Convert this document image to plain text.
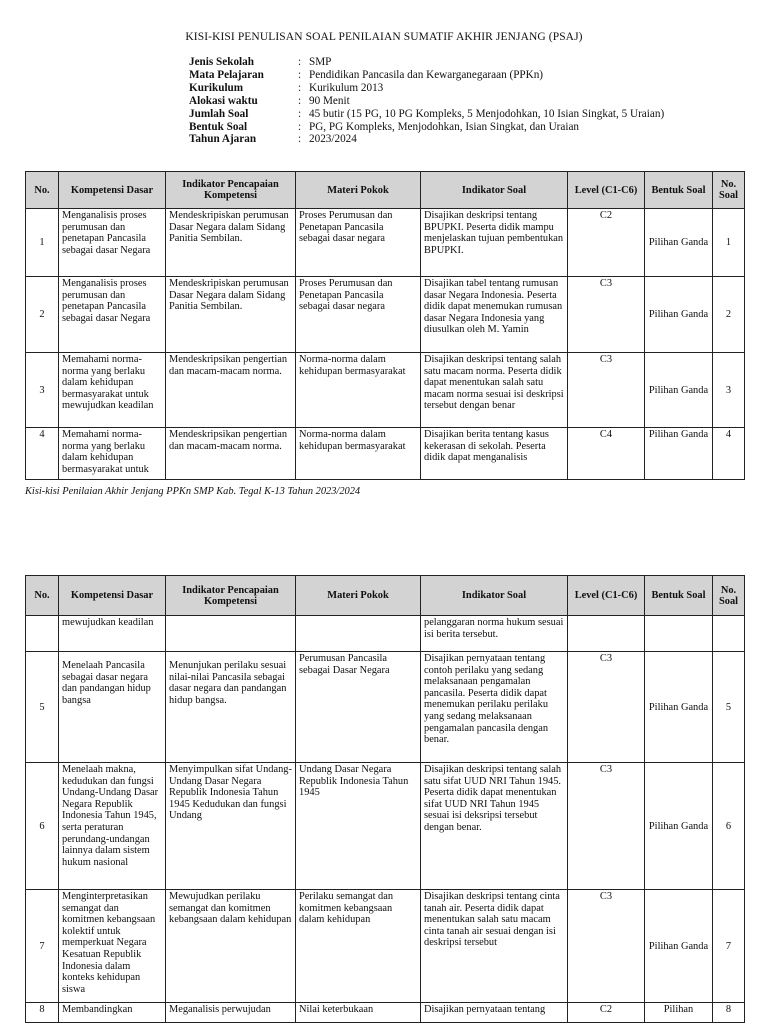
KISI-KISI PENULISAN SOAL PENILAIAN SUMATIF AKHIR JENJANG (PSAJ)
Jenis Sekolah	: SMP
Mata Pelajaran	: Pendidikan Pancasila dan Kewarganegaraan (PPKn)
Kurikulum	: Kurikulum 2013
Alokasi waktu	: 90 Menit
Jumlah Soal	: 45 butir (15 PG, 10 PG Kompleks, 5 Menjodohkan, 10 Isian Singkat, 5 Uraian)
Bentuk Soal	: PG, PG Kompleks, Menjodohkan, Isian Singkat, dan Uraian
Tahun Ajaran	: 2023/2024
No.	Kompetensi Dasar	Indikator Pencapaian Kompetensi	Materi Pokok	Indikator Soal	Level (C1-C6)	Bentuk Soal	No. Soal
1	Menganalisis proses perumusan dan penetapan Pancasila sebagai dasar Negara	Mendeskripiskan perumusan Dasar Negara dalam Sidang Panitia Sembilan.	Proses Perumusan dan Penetapan Pancasila sebagai dasar negara	Disajikan deskripsi tentang BPUPKI. Peserta didik mampu menjelaskan tujuan pembentukan BPUPKI.	C2	Pilihan Ganda	1
2	Menganalisis proses perumusan dan penetapan Pancasila sebagai dasar Negara	Mendeskripiskan perumusan Dasar Negara dalam Sidang Panitia Sembilan.	Proses Perumusan dan Penetapan Pancasila sebagai dasar negara	Disajikan tabel tentang rumusan dasar Negara Indonesia. Peserta didik dapat menemukan rumusan dasar Negara Indonesia yang diusulkan oleh M. Yamin	C3	Pilihan Ganda	2
3	Memahami norma-norma yang berlaku dalam kehidupan bermasyarakat untuk mewujudkan keadilan	Mendeskripsikan pengertian dan macam-macam norma.	Norma-norma dalam kehidupan bermasyarakat	Disajikan deskripsi tentang salah satu macam norma. Peserta didik dapat menentukan salah satu macam norma sesuai isi deskripsi tersebut dengan benar	C3	Pilihan Ganda	3
4	Memahami norma-norma yang berlaku dalam kehidupan bermasyarakat untuk	Mendeskripsikan pengertian dan macam-macam norma.	Norma-norma dalam kehidupan bermasyarakat	Disajikan berita tentang kasus kekerasan di sekolah. Peserta didik dapat menganalisis	C4	Pilihan Ganda	4
Kisi-kisi Penilaian Akhir Jenjang PPKn SMP Kab. Tegal K-13 Tahun 2023/2024
No.	Kompetensi Dasar	Indikator Pencapaian Kompetensi	Materi Pokok	Indikator Soal	Level (C1-C6)	Bentuk Soal	No. Soal
	mewujudkan keadilan			pelanggaran norma hukum sesuai isi berita tersebut.			
5	Menelaah Pancasila sebagai dasar negara dan pandangan hidup bangsa	Menunjukan perilaku sesuai nilai-nilai Pancasila sebagai dasar negara dan pandangan hidup bangsa.	Perumusan Pancasila sebagai Dasar Negara	Disajikan pernyataan tentang contoh perilaku yang sedang melaksanaan pengamalan pancasila. Peserta didik dapat menemukan perilaku perilaku yang sedang melaksanaan pengamalan pancasila dengan benar.	C3	Pilihan Ganda	5
6	Menelaah makna, kedudukan dan fungsi Undang-Undang Dasar Negara Republik Indonesia Tahun 1945, serta peraturan perundang-undangan lainnya dalam sistem hukum nasional	Menyimpulkan sifat Undang-Undang Dasar Negara Republik Indonesia Tahun 1945 Kedudukan dan fungsi Undang	Undang Dasar Negara Republik Indonesia Tahun 1945	Disajikan deskripsi tentang salah satu sifat UUD NRI Tahun 1945. Peserta didik dapat menentukan sifat UUD NRI Tahun 1945 sesuai isi deksripsi tersebut dengan benar.	C3	Pilihan Ganda	6
7	Menginterpretasikan semangat dan komitmen kebangsaan kolektif untuk memperkuat Negara Kesatuan Republik Indonesia dalam konteks kehidupan siswa	Mewujudkan perilaku semangat dan komitmen kebangsaan dalam kehidupan	Perilaku semangat dan komitmen kebangsaan dalam kehidupan	Disajikan deskripsi tentang cinta tanah air. Peserta didik dapat menentukan salah satu macam cinta tanah air sesuai dengan isi deskripsi tersebut	C3	Pilihan Ganda	7
8	Membandingkan	Meganalisis perwujudan	Nilai keterbukaan	Disajikan pernyataan tentang	C2	Pilihan	8
